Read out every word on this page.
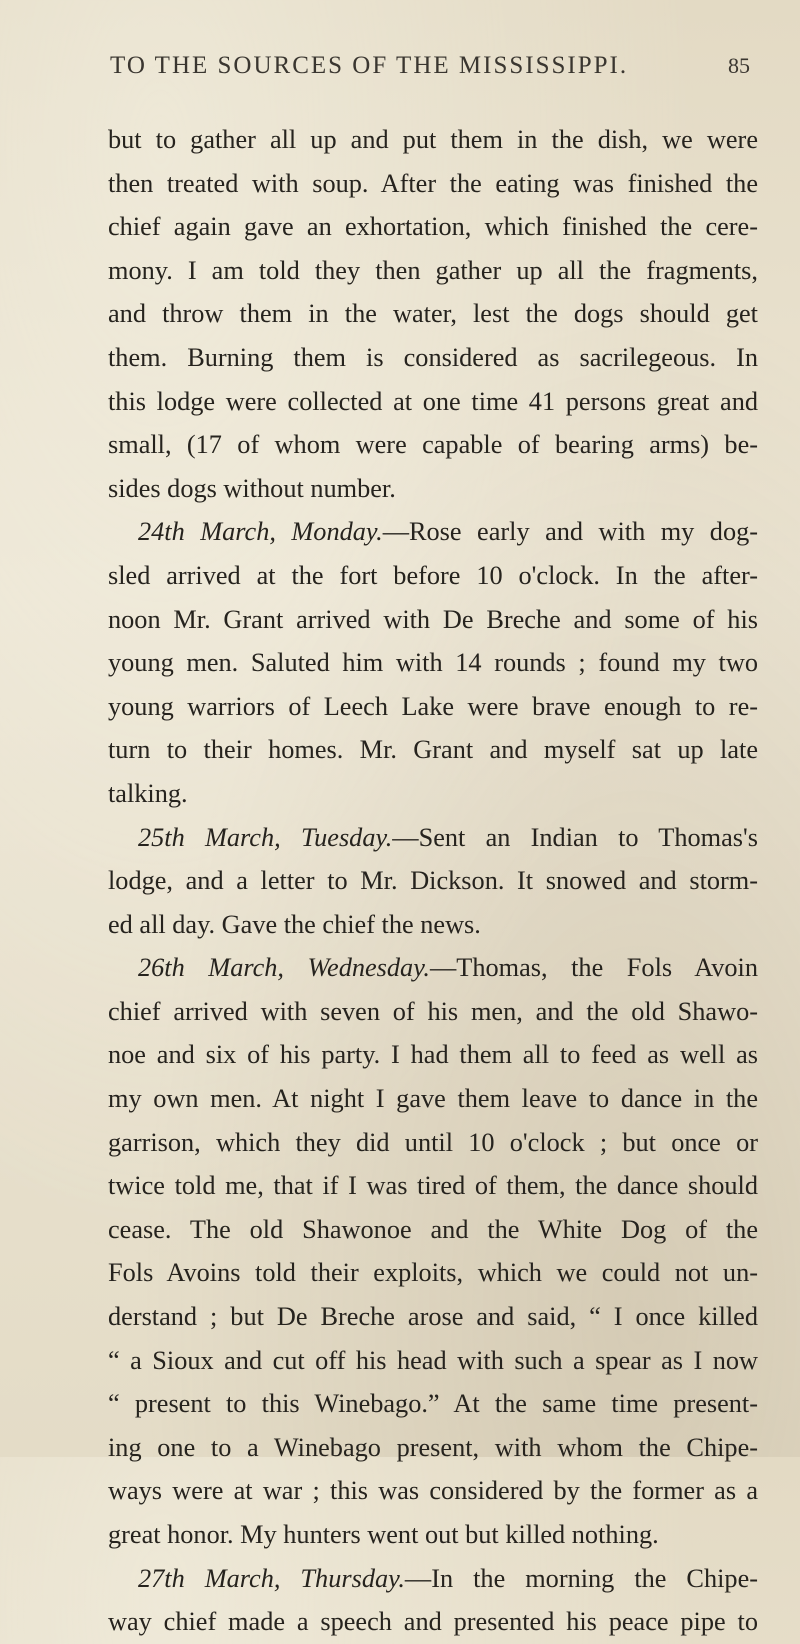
TO THE SOURCES OF THE MISSISSIPPI.	85
but to gather all up and put them in the dish, we were
then treated with soup. After the eating was finished the
chief again gave an exhortation, which finished the cere-
mony. I am told they then gather up all the fragments,
and throw them in the water, lest the dogs should get
them. Burning them is considered as sacrilegeous. In
this lodge were collected at one time 41 persons great and
small, (17 of whom were capable of bearing arms) be-
sides dogs without number.
24th March, Monday.—Rose early and with my dog-
sled arrived at the fort before 10 o'clock. In the after-
noon Mr. Grant arrived with De Breche and some of his
young men. Saluted him with 14 rounds ; found my two
young warriors of Leech Lake were brave enough to re-
turn to their homes. Mr. Grant and myself sat up late
talking.
25th March, Tuesday.—Sent an Indian to Thomas's
lodge, and a letter to Mr. Dickson. It snowed and storm-
ed all day. Gave the chief the news.
26th March, Wednesday.—Thomas, the Fols Avoin
chief arrived with seven of his men, and the old Shawo-
noe and six of his party. I had them all to feed as well as
my own men. At night I gave them leave to dance in the
garrison, which they did until 10 o'clock ; but once or
twice told me, that if I was tired of them, the dance should
cease. The old Shawonoe and the White Dog of the
Fols Avoins told their exploits, which we could not un-
derstand ; but De Breche arose and said, “ I once killed
“ a Sioux and cut off his head with such a spear as I now
“ present to this Winebago.” At the same time present-
ing one to a Winebago present, with whom the Chipe-
ways were at war ; this was considered by the former as a
great honor. My hunters went out but killed nothing.
27th March, Thursday.—In the morning the Chipe-
way chief made a speech and presented his peace pipe to
